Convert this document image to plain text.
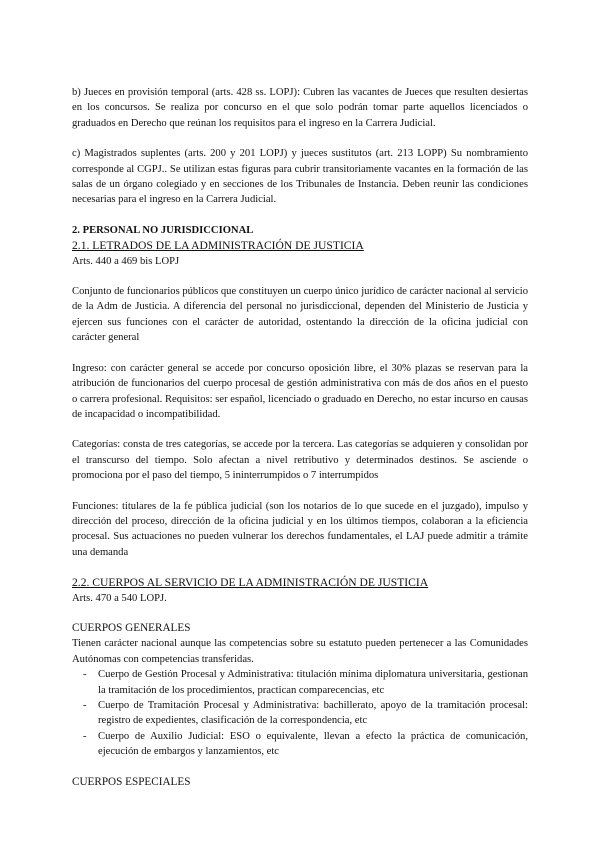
b) Jueces en provisión temporal (arts. 428 ss. LOPJ): Cubren las vacantes de Jueces que resulten desiertas en los concursos. Se realiza por concurso en el que solo podrán tomar parte aquellos licenciados o graduados en Derecho que reúnan los requisitos para el ingreso en la Carrera Judicial.

c) Magistrados suplentes (arts. 200 y 201 LOPJ) y jueces sustitutos (art. 213 LOPP) Su nombramiento corresponde al CGPJ.. Se utilizan estas figuras para cubrir transitoriamente vacantes en la formación de las salas de un órgano colegiado y en secciones de los Tribunales de Instancia. Deben reunir las condiciones necesarias para el ingreso en la Carrera Judicial.

2. PERSONAL NO JURISDICCIONAL

2.1. LETRADOS DE LA ADMINISTRACIÓN DE JUSTICIA

Arts. 440 a 469 bis LOPJ

Conjunto de funcionarios públicos que constituyen un cuerpo único jurídico de carácter nacional al servicio de la Adm de Justicia. A diferencia del personal no jurisdiccional, dependen del Ministerio de Justicia y ejercen sus funciones con el carácter de autoridad, ostentando la dirección de la oficina judicial con carácter general

Ingreso: con carácter general se accede por concurso oposición libre, el 30% plazas se reservan para la atribución de funcionarios del cuerpo procesal de gestión administrativa con más de dos años en el puesto o carrera profesional. Requisitos: ser español, licenciado o graduado en Derecho, no estar incurso en causas de incapacidad o incompatibilidad.

Categorías: consta de tres categorías, se accede por la tercera. Las categorías se adquieren y consolidan por el transcurso del tiempo. Solo afectan a nivel retributivo y determinados destinos. Se asciende o promociona por el paso del tiempo, 5 ininterrumpidos o 7 interrumpidos

Funciones: titulares de la fe pública judicial (son los notarios de lo que sucede en el juzgado), impulso y dirección del proceso, dirección de la oficina judicial y en los últimos tiempos, colaboran a la eficiencia procesal. Sus actuaciones no pueden vulnerar los derechos fundamentales, el LAJ puede admitir a trámite una demanda

2.2. CUERPOS AL SERVICIO DE LA ADMINISTRACIÓN DE JUSTICIA

Arts. 470 a 540 LOPJ.

CUERPOS GENERALES

Tienen carácter nacional aunque las competencias sobre su estatuto pueden pertenecer a las Comunidades Autónomas con competencias transferidas.

- Cuerpo de Gestión Procesal y Administrativa: titulación mínima diplomatura universitaria, gestionan la tramitación de los procedimientos, practican comparecencias, etc
- Cuerpo de Tramitación Procesal y Administrativa: bachillerato, apoyo de la tramitación procesal: registro de expedientes, clasificación de la correspondencia, etc
- Cuerpo de Auxilio Judicial: ESO o equivalente, llevan a efecto la práctica de comunicación, ejecución de embargos y lanzamientos, etc

CUERPOS ESPECIALES
